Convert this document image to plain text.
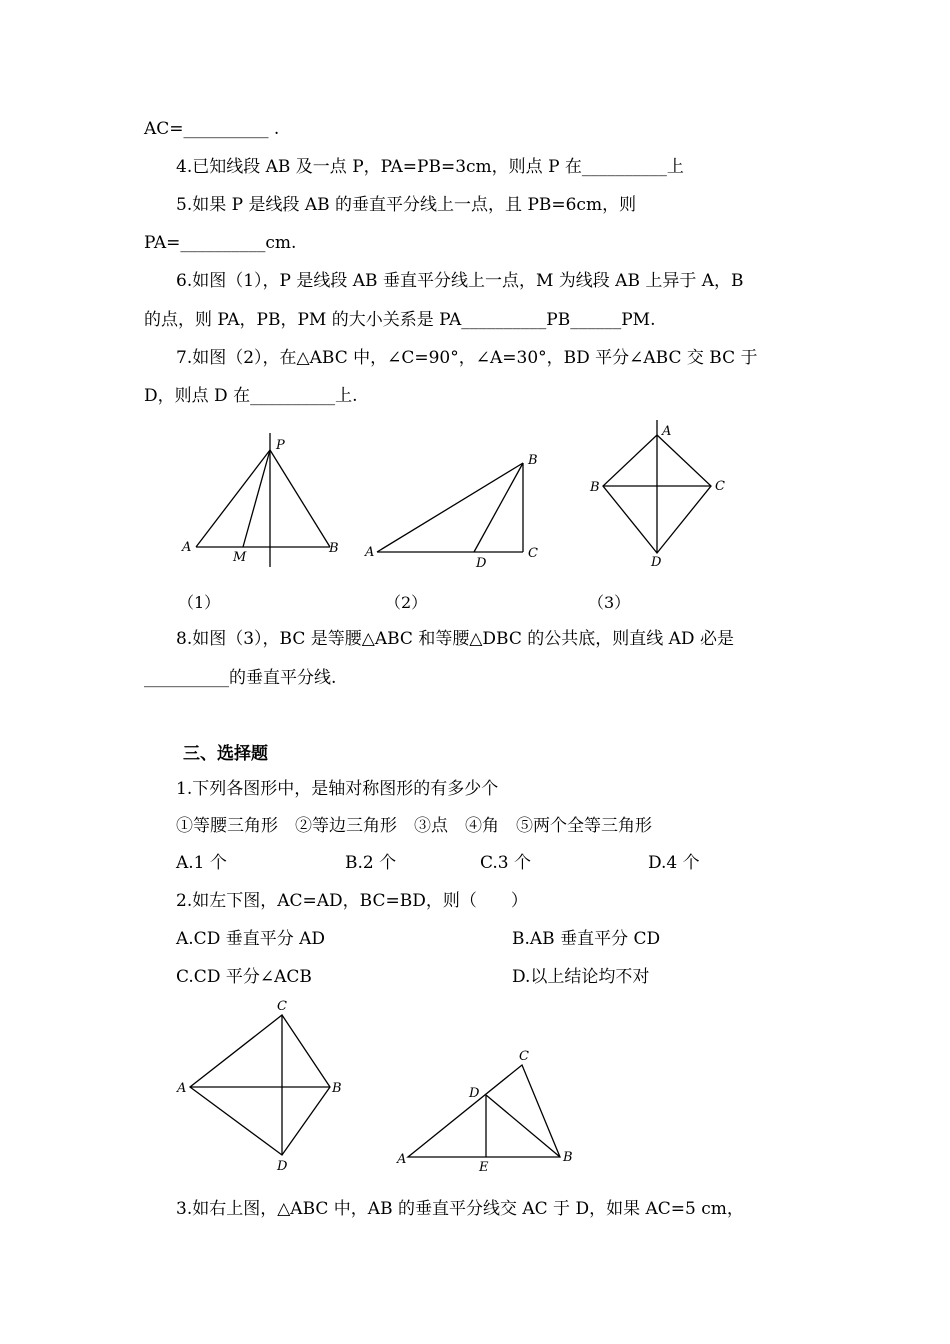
AC=__________ .
4.已知线段 AB 及一点 P，PA=PB=3cm，则点 P 在__________上
5.如果 P 是线段 AB 的垂直平分线上一点，且 PB=6cm，则
PA=__________cm.
6.如图（1），P 是线段 AB 垂直平分线上一点，M 为线段 AB 上异于 A，B
的点，则 PA，PB，PM 的大小关系是 PA__________PB______PM.
7.如图（2），在△ABC 中，∠C=90°，∠A=30°，BD 平分∠ABC 交 BC 于
D，则点 D 在__________上.
P
A
M
B
（1）
B
A
D
C
（2）
A
B	C
D
（3）
8.如图（3），BC 是等腰△ABC 和等腰△DBC 的公共底，则直线 AD 必是
__________的垂直平分线.
三、选择题
1.下列各图形中，是轴对称图形的有多少个
①等腰三角形　②等边三角形　③点　④角　⑤两个全等三角形
A.1 个	B.2 个	C.3 个	D.4 个
2.如左下图，AC=AD，BC=BD，则（　　）
A.CD 垂直平分 AD	B.AB 垂直平分 CD
C.CD 平分∠ACB	D.以上结论均不对
C
A	B
D
C
D
A
E
B
3.如右上图，△ABC 中，AB 的垂直平分线交 AC 于 D，如果 AC=5 cm，
